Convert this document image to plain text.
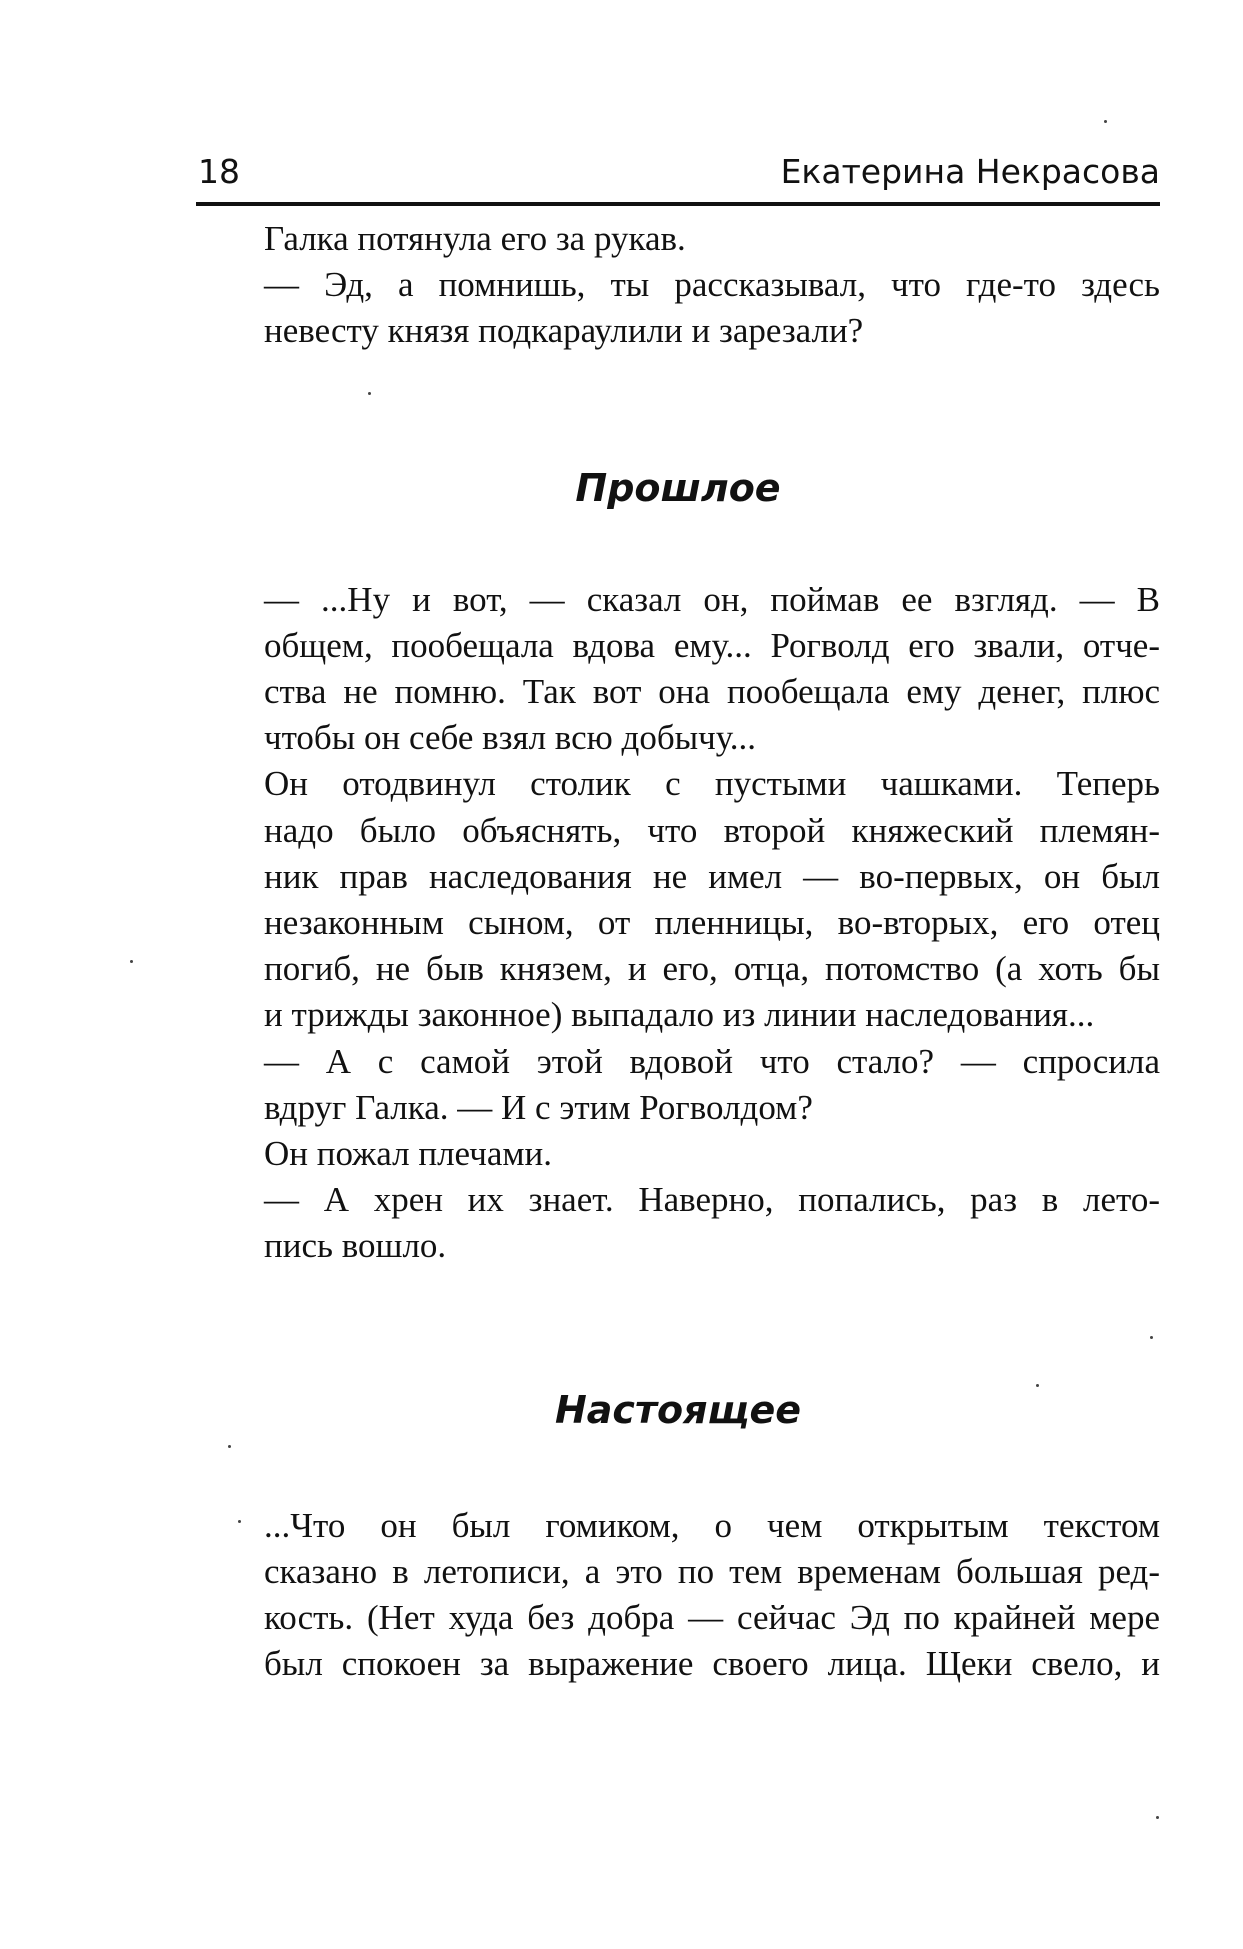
18	Екатерина Некрасова

Галка потянула его за рукав.

— Эд, а помнишь, ты рассказывал, что где-то здесь
невесту князя подкараулили и зарезали?

Прошлое

— ...Ну и вот, — сказал он, поймав ее взгляд. — В
общем, пообещала вдова ему... Рогволд его звали, отче-
ства не помню. Так вот она пообещала ему денег, плюс
чтобы он себе взял всю добычу...

Он отодвинул столик с пустыми чашками. Теперь
надо было объяснять, что второй княжеский племян-
ник прав наследования не имел — во-первых, он был
незаконным сыном, от пленницы, во-вторых, его отец
погиб, не быв князем, и его, отца, потомство (а хоть бы
и трижды законное) выпадало из линии наследования...

— А с самой этой вдовой что стало? — спросила
вдруг Галка. — И с этим Рогволдом?

Он пожал плечами.

— А хрен их знает. Наверно, попались, раз в лето-
пись вошло.

Настоящее

...Что он был гомиком, о чем открытым текстом
сказано в летописи, а это по тем временам большая ред-
кость. (Нет худа без добра — сейчас Эд по крайней мере
был спокоен за выражение своего лица. Щеки свело, и
